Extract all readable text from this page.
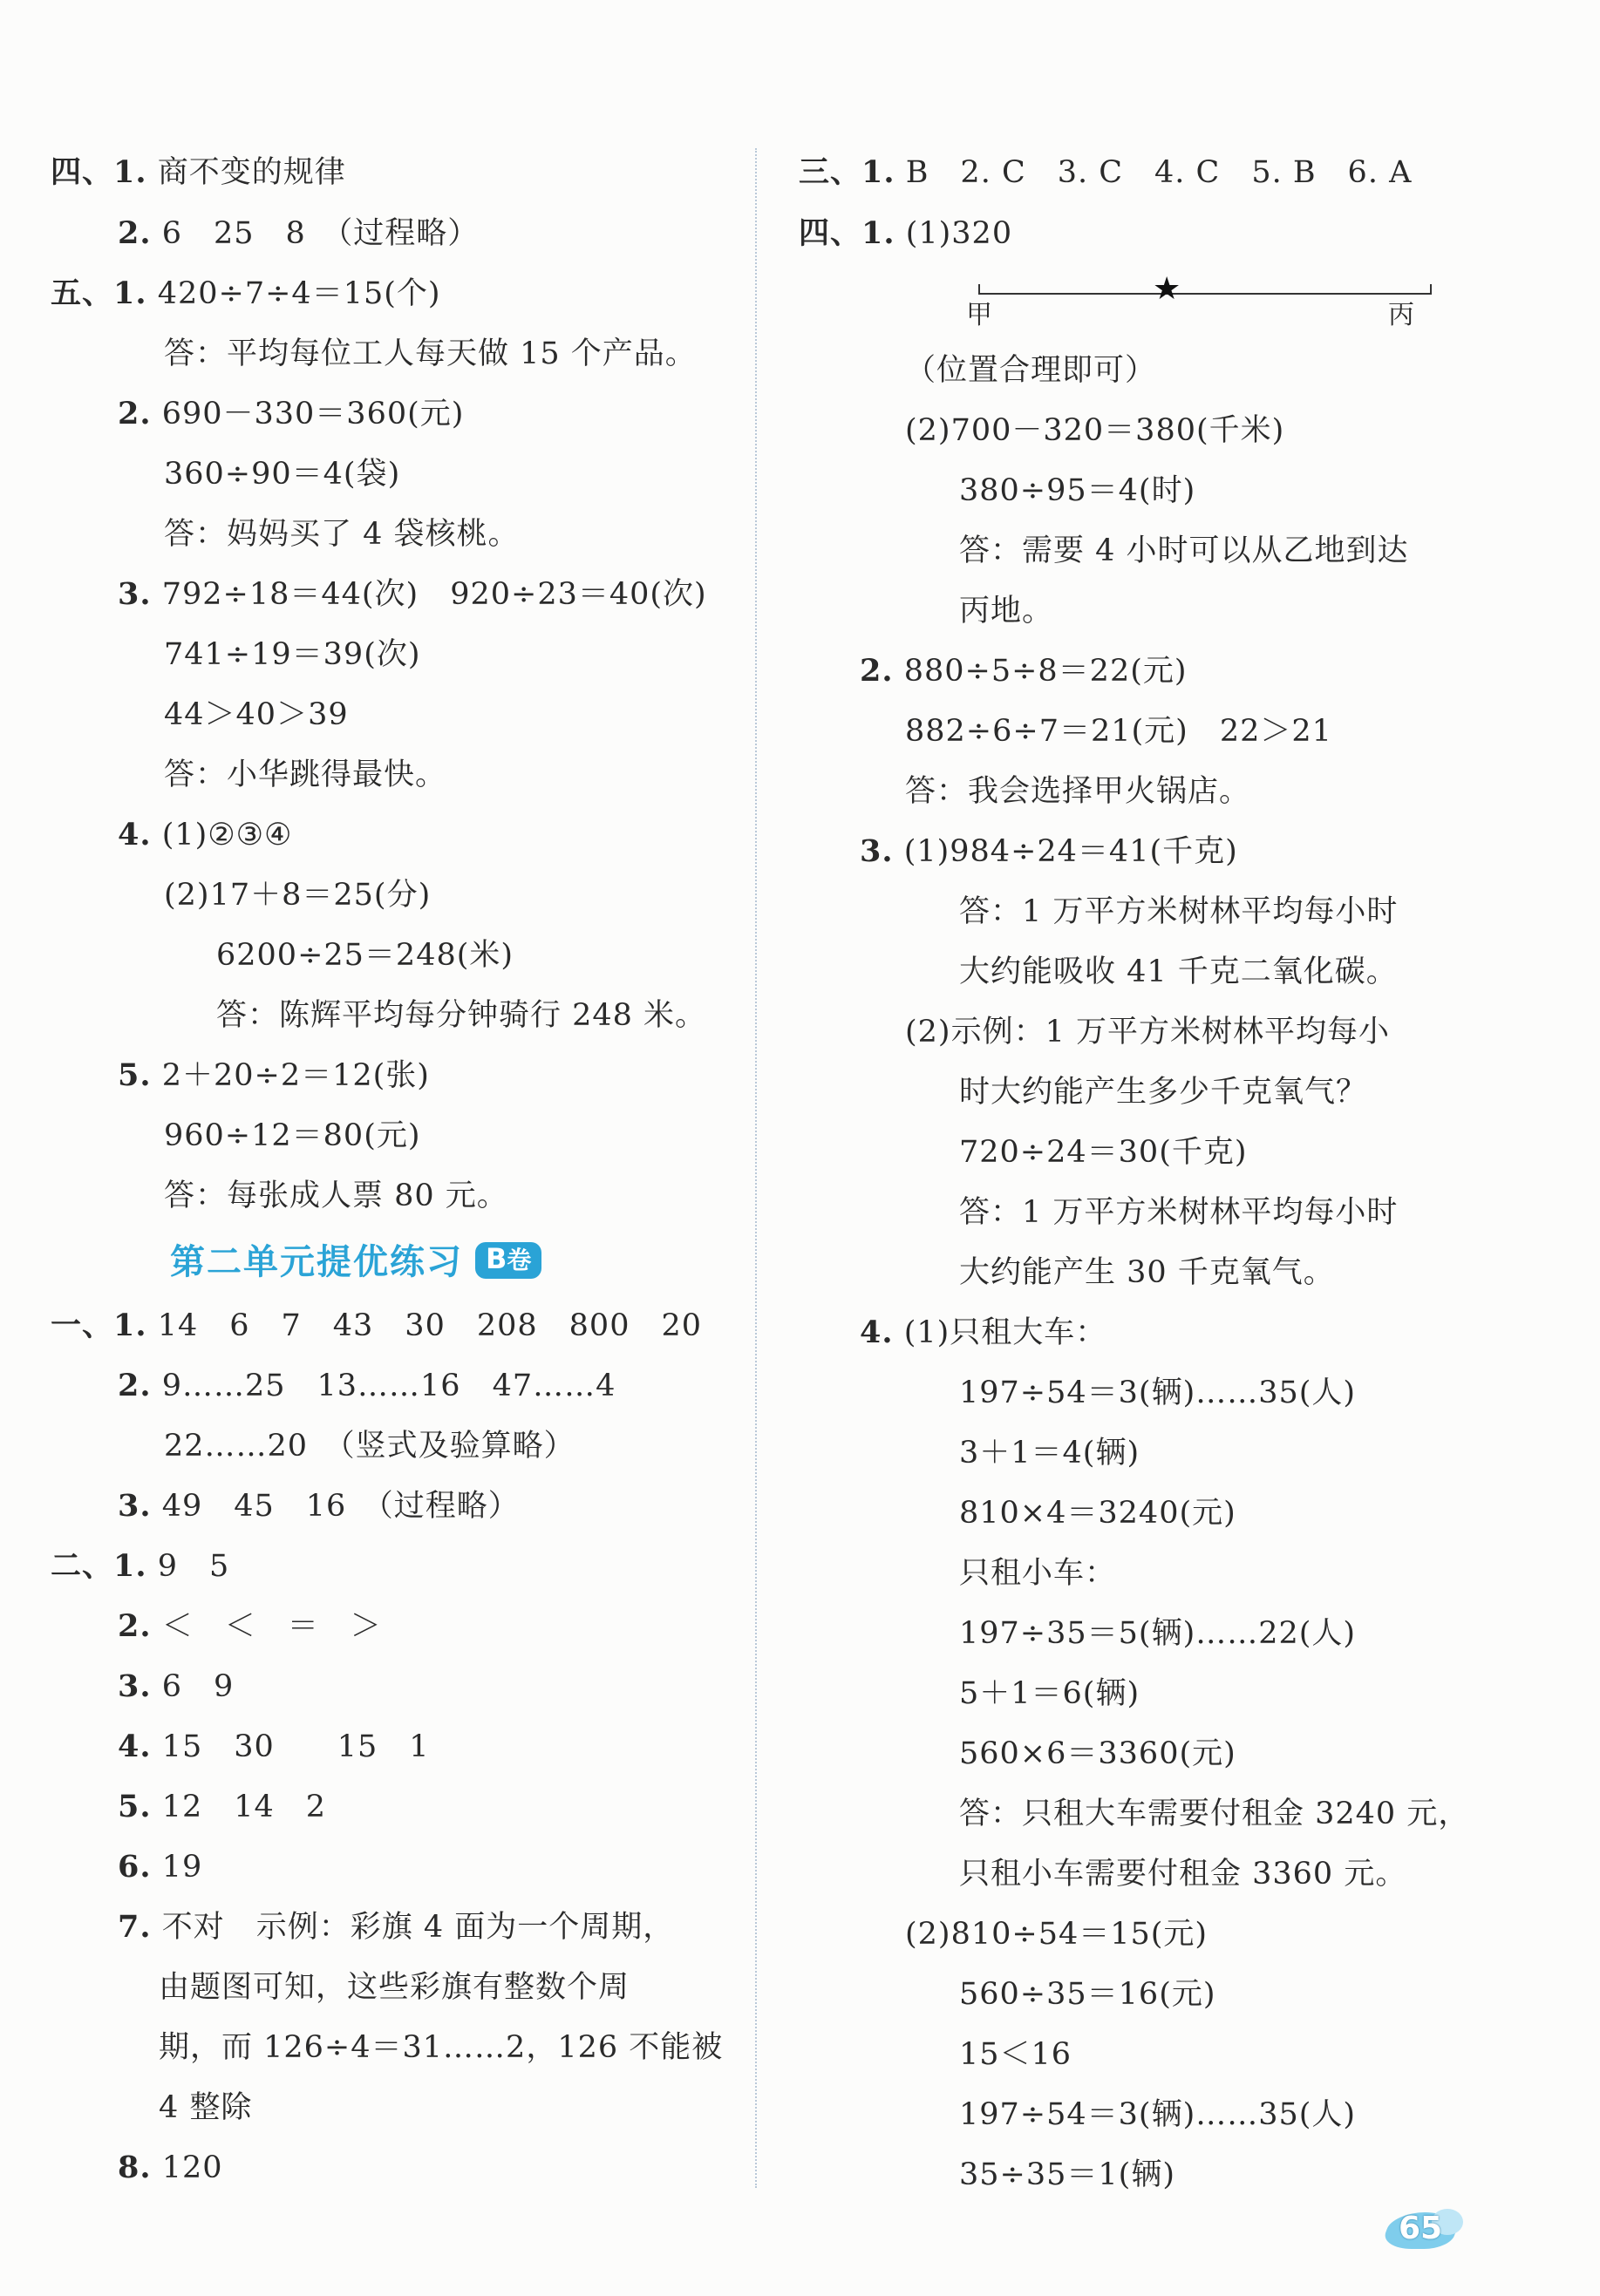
四、1. 商不变的规律
2. 6　25　8　（过程略）
五、1. 420÷7÷4＝15(个)
答：平均每位工人每天做 15 个产品。
2. 690－330＝360(元)
360÷90＝4(袋)
答：妈妈买了 4 袋核桃。
3. 792÷18＝44(次)　920÷23＝40(次)
741÷19＝39(次)
44＞40＞39
答：小华跳得最快。
4. (1)②③④
(2)17＋8＝25(分)
6200÷25＝248(米)
答：陈辉平均每分钟骑行 248 米。
5. 2＋20÷2＝12(张)
960÷12＝80(元)
答：每张成人票 80 元。
第二单元提优练习 B卷
一、1. 14　6　7　43　30　208　800　20
2. 9……25　13……16　47……4
22……20　（竖式及验算略）
3. 49　45　16　（过程略）
二、1. 9　5
2. ＜　＜　＝　＞
3. 6　9
4. 15　30　　15　1
5. 12　14　2
6. 19
7. 不对　示例：彩旗 4 面为一个周期，
由题图可知，这些彩旗有整数个周
期，而 126÷4＝31……2，126 不能被
4 整除
8. 120
三、1. B　2. C　3. C　4. C　5. B　6. A
四、1. (1)320
（位置合理即可）
(2)700－320＝380(千米)
380÷95＝4(时)
答：需要 4 小时可以从乙地到达
丙地。
2. 880÷5÷8＝22(元)
882÷6÷7＝21(元)　22＞21
答：我会选择甲火锅店。
3. (1)984÷24＝41(千克)
答：1 万平方米树林平均每小时
大约能吸收 41 千克二氧化碳。
(2)示例：1 万平方米树林平均每小
时大约能产生多少千克氧气？
720÷24＝30(千克)
答：1 万平方米树林平均每小时
大约能产生 30 千克氧气。
4. (1)只租大车：
197÷54＝3(辆)……35(人)
3＋1＝4(辆)
810×4＝3240(元)
只租小车：
197÷35＝5(辆)……22(人)
5＋1＝6(辆)
560×6＝3360(元)
答：只租大车需要付租金 3240 元，
只租小车需要付租金 3360 元。
(2)810÷54＝15(元)
560÷35＝16(元)
15＜16
197÷54＝3(辆)……35(人)
35÷35＝1(辆)
★
甲	丙
65
